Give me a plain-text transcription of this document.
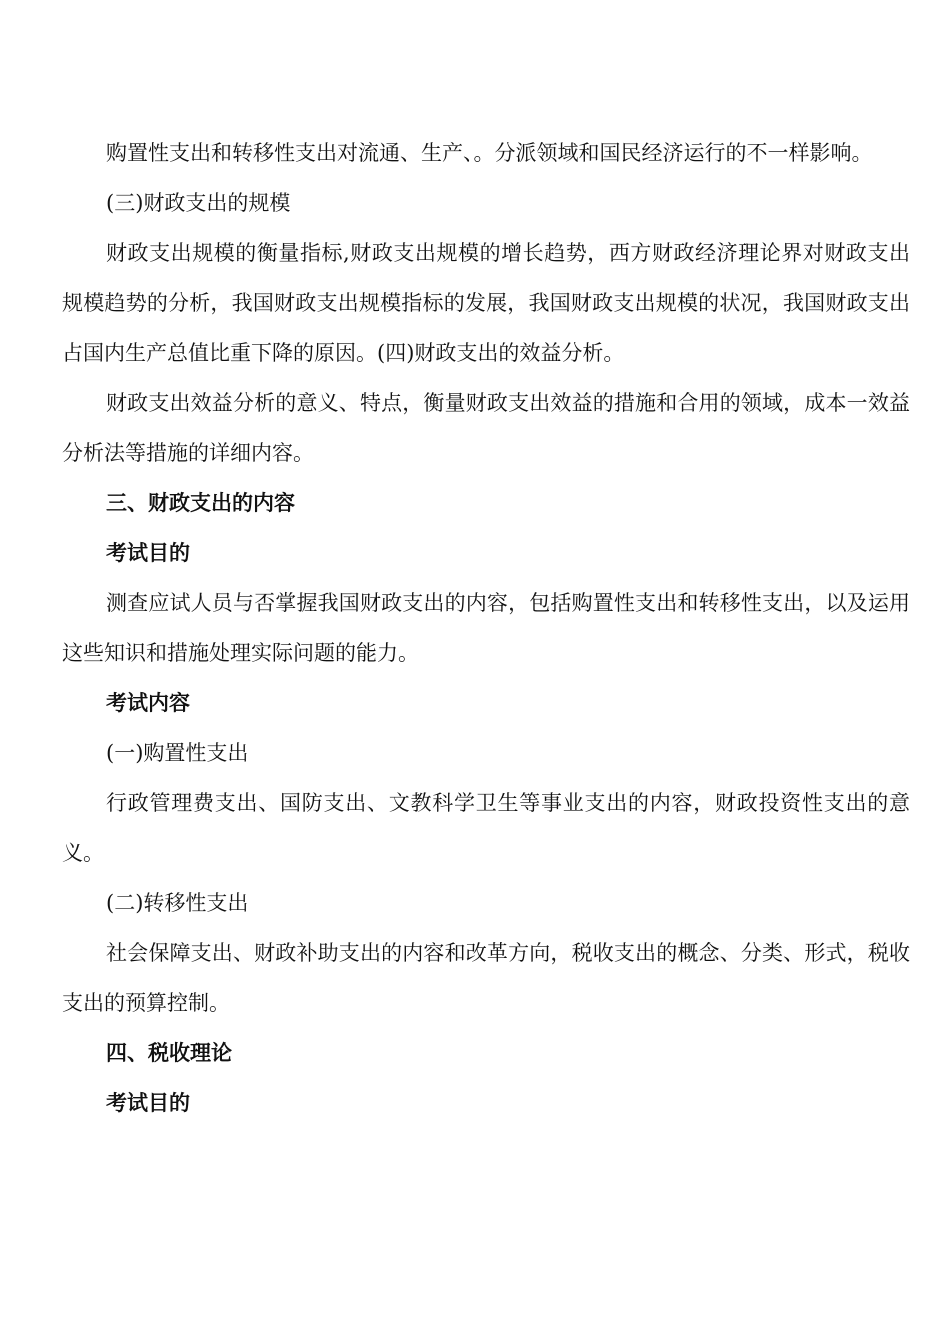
购置性支出和转移性支出对流通、生产、。分派领域和国民经济运行的不一样影响。

(三)财政支出的规模

财政支出规模的衡量指标,财政支出规模的增长趋势，西方财政经济理论界对财政支出规模趋势的分析，我国财政支出规模指标的发展，我国财政支出规模的状况，我国财政支出占国内生产总值比重下降的原因。(四)财政支出的效益分析。

财政支出效益分析的意义、特点，衡量财政支出效益的措施和合用的领域，成本一效益分析法等措施的详细内容。

三、财政支出的内容

考试目的

测查应试人员与否掌握我国财政支出的内容，包括购置性支出和转移性支出，以及运用这些知识和措施处理实际问题的能力。

考试内容

(一)购置性支出

行政管理费支出、国防支出、文教科学卫生等事业支出的内容，财政投资性支出的意义。

(二)转移性支出

社会保障支出、财政补助支出的内容和改革方向，税收支出的概念、分类、形式，税收支出的预算控制。

四、税收理论

考试目的
